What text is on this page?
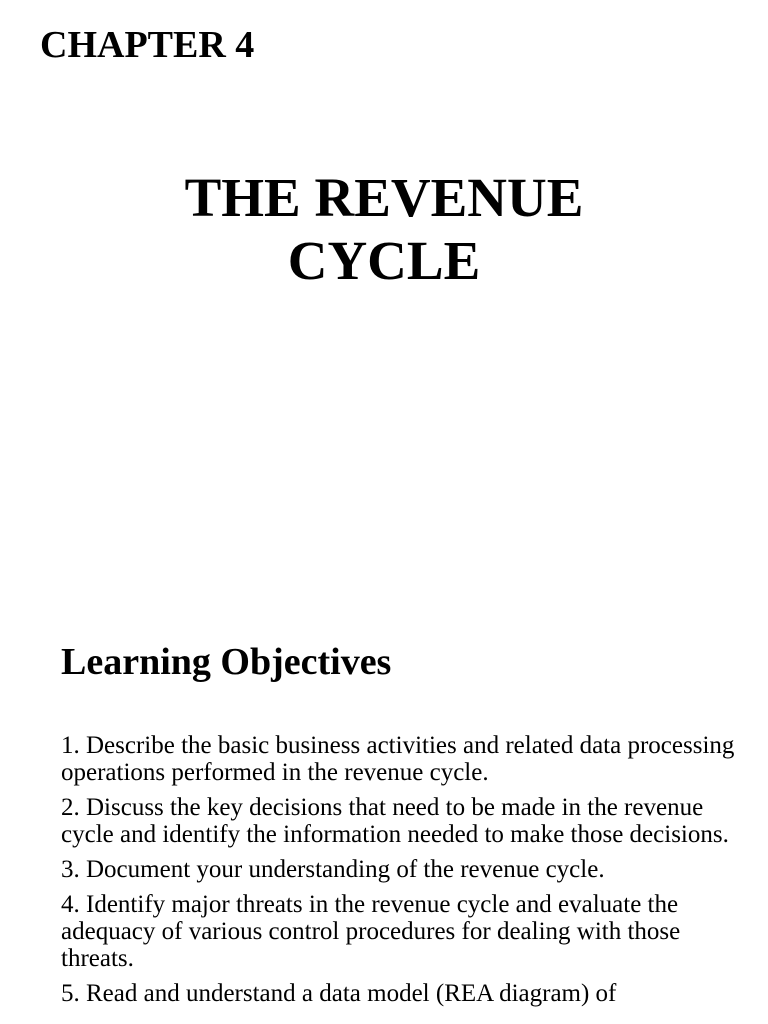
CHAPTER 4
THE REVENUE
CYCLE
Learning Objectives
1. Describe the basic business activities and related data processing operations performed in the revenue cycle.
2. Discuss the key decisions that need to be made in the revenue cycle and identify the information needed to make those decisions.
3. Document your understanding of the revenue cycle.
4. Identify major threats in the revenue cycle and evaluate the adequacy of various control procedures for dealing with those threats.
5. Read and understand a data model (REA diagram) of
